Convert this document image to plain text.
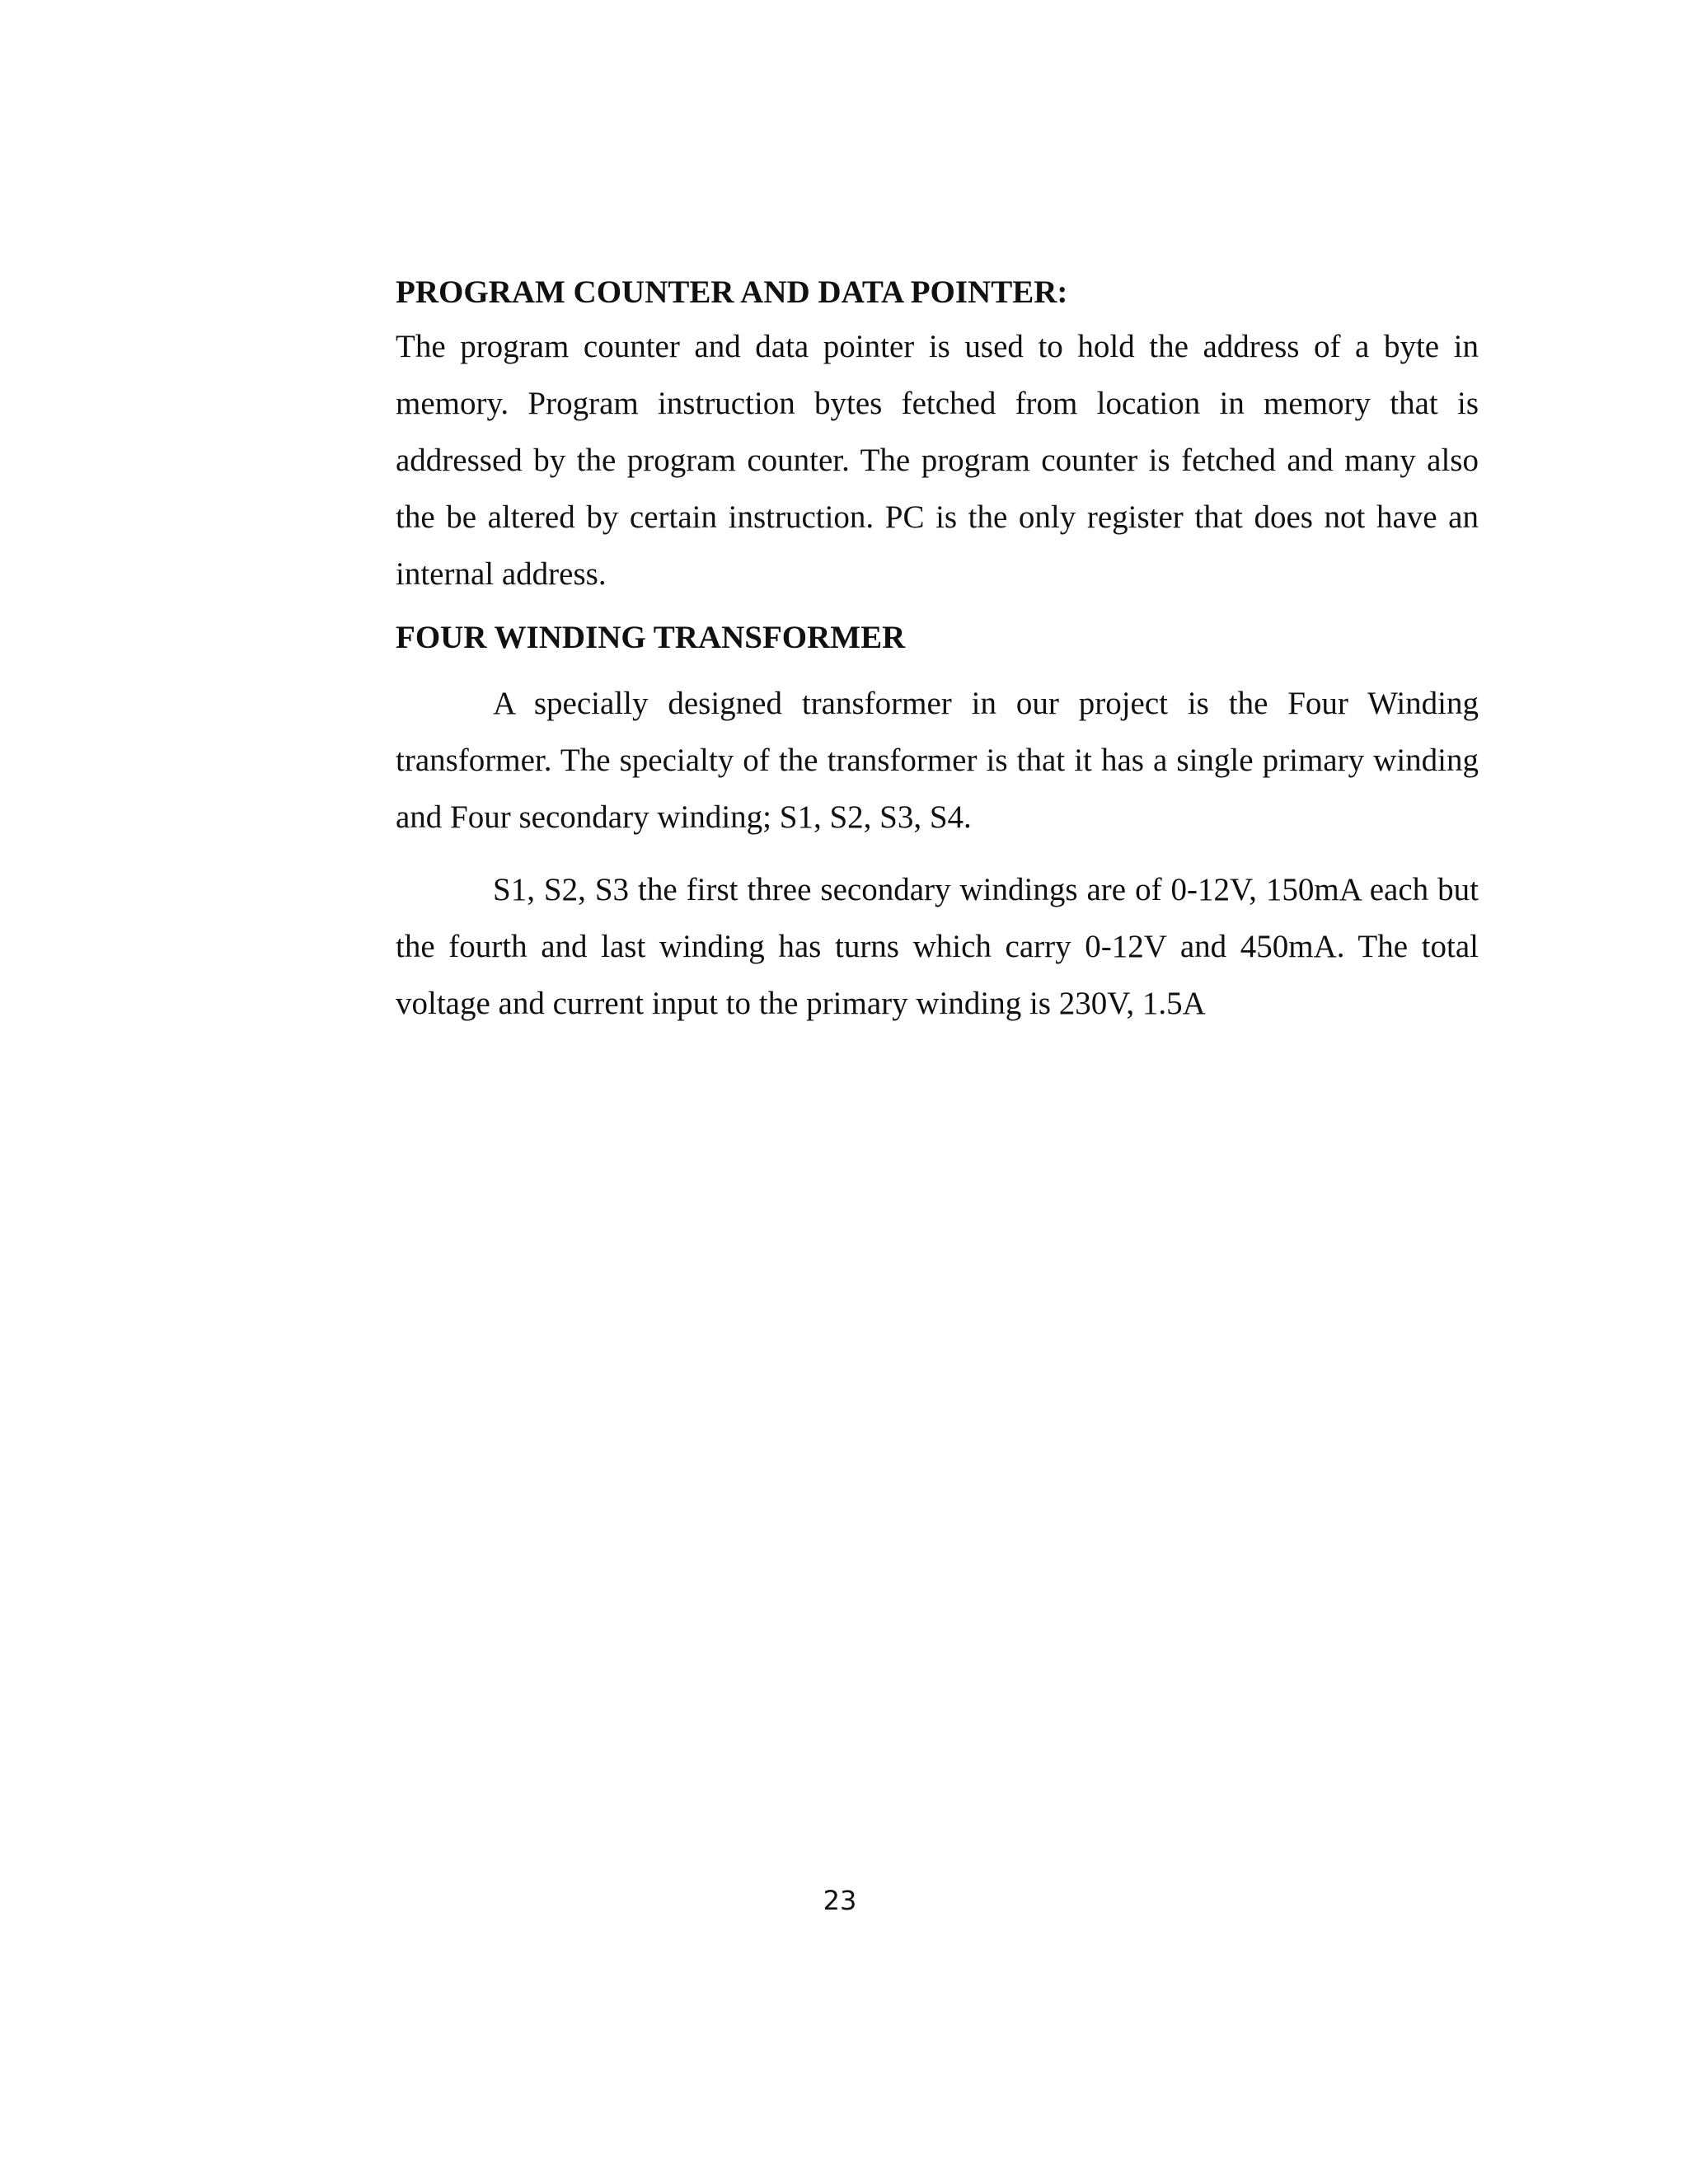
PROGRAM COUNTER AND DATA POINTER:

The program counter and data pointer is used to hold the address of a byte in memory. Program instruction bytes fetched from location in memory that is addressed by the program counter. The program counter is fetched and many also the be altered by certain instruction. PC is the only register that does not have an internal address.

FOUR WINDING TRANSFORMER

A specially designed transformer in our project is the Four Winding transformer. The specialty of the transformer is that it has a single primary winding and Four secondary winding; S1, S2, S3, S4.

S1, S2, S3 the first three secondary windings are of 0-12V, 150mA each but the fourth and last winding has turns which carry 0-12V and 450mA. The total voltage and current input to the primary winding is 230V, 1.5A

23
